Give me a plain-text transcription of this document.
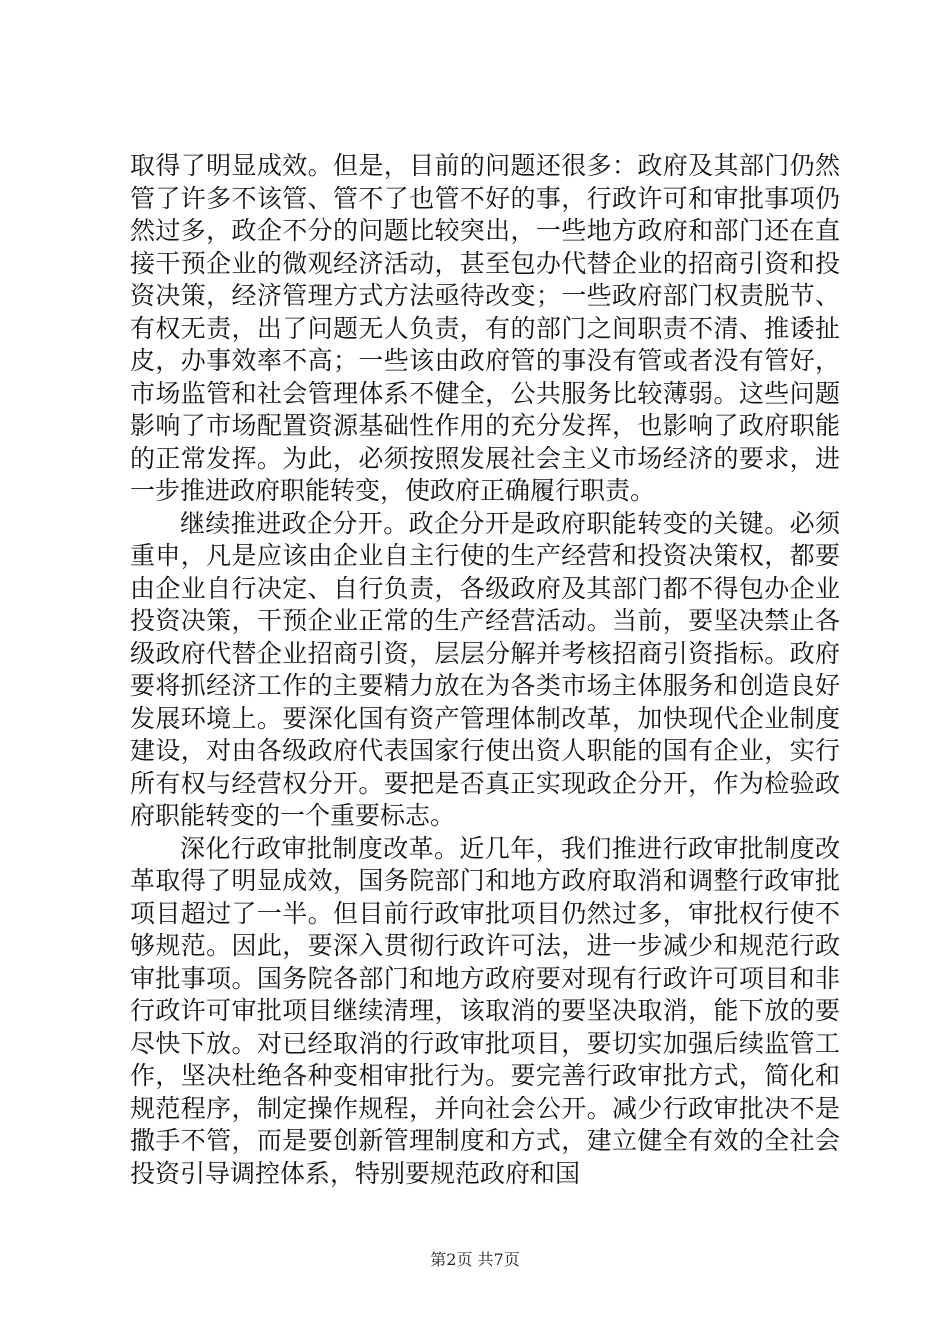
取得了明显成效。但是，目前的问题还很多：政府及其部门仍然管了许多不该管、管不了也管不好的事，行政许可和审批事项仍然过多，政企不分的问题比较突出，一些地方政府和部门还在直接干预企业的微观经济活动，甚至包办代替企业的招商引资和投资决策，经济管理方式方法亟待改变；一些政府部门权责脱节、有权无责，出了问题无人负责，有的部门之间职责不清、推诿扯皮，办事效率不高；一些该由政府管的事没有管或者没有管好，市场监管和社会管理体系不健全，公共服务比较薄弱。这些问题影响了市场配置资源基础性作用的充分发挥，也影响了政府职能的正常发挥。为此，必须按照发展社会主义市场经济的要求，进一步推进政府职能转变，使政府正确履行职责。

继续推进政企分开。政企分开是政府职能转变的关键。必须重申，凡是应该由企业自主行使的生产经营和投资决策权，都要由企业自行决定、自行负责，各级政府及其部门都不得包办企业投资决策，干预企业正常的生产经营活动。当前，要坚决禁止各级政府代替企业招商引资，层层分解并考核招商引资指标。政府要将抓经济工作的主要精力放在为各类市场主体服务和创造良好发展环境上。要深化国有资产管理体制改革，加快现代企业制度建设，对由各级政府代表国家行使出资人职能的国有企业，实行所有权与经营权分开。要把是否真正实现政企分开，作为检验政府职能转变的一个重要标志。

深化行政审批制度改革。近几年，我们推进行政审批制度改革取得了明显成效，国务院部门和地方政府取消和调整行政审批项目超过了一半。但目前行政审批项目仍然过多，审批权行使不够规范。因此，要深入贯彻行政许可法，进一步减少和规范行政审批事项。国务院各部门和地方政府要对现有行政许可项目和非行政许可审批项目继续清理，该取消的要坚决取消，能下放的要尽快下放。对已经取消的行政审批项目，要切实加强后续监管工作，坚决杜绝各种变相审批行为。要完善行政审批方式，简化和规范程序，制定操作规程，并向社会公开。减少行政审批决不是撒手不管，而是要创新管理制度和方式，建立健全有效的全社会投资引导调控体系，特别要规范政府和国

第2页 共7页
